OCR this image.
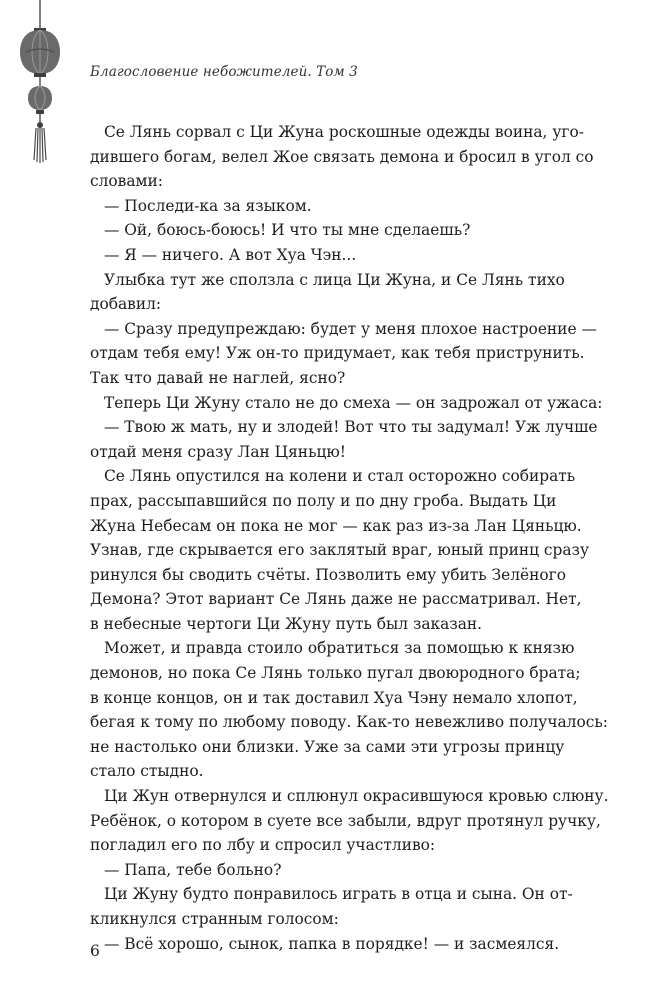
Благословение небожителей. Том 3
Се Лянь сорвал с Ци Жуна роскошные одежды воина, уго-
дившего богам, велел Жое связать демона и бросил в угол со
словами:
— Последи-ка за языком.
— Ой, боюсь-боюсь! И что ты мне сделаешь?
— Я — ничего. А вот Хуа Чэн...
Улыбка тут же сползла с лица Ци Жуна, и Се Лянь тихо
добавил:
— Сразу предупреждаю: будет у меня плохое настроение —
отдам тебя ему! Уж он-то придумает, как тебя приструнить.
Так что давай не наглей, ясно?
Теперь Ци Жуну стало не до смеха — он задрожал от ужаса:
— Твою ж мать, ну и злодей! Вот что ты задумал! Уж лучше
отдай меня сразу Лан Цяньцю!
Се Лянь опустился на колени и стал осторожно собирать
прах, рассыпавшийся по полу и по дну гроба. Выдать Ци
Жуна Небесам он пока не мог — как раз из-за Лан Цяньцю.
Узнав, где скрывается его заклятый враг, юный принц сразу
ринулся бы сводить счёты. Позволить ему убить Зелёного
Демона? Этот вариант Се Лянь даже не рассматривал. Нет,
в небесные чертоги Ци Жуну путь был заказан.
Может, и правда стоило обратиться за помощью к князю
демонов, но пока Се Лянь только пугал двоюродного брата;
в конце концов, он и так доставил Хуа Чэну немало хлопот,
бегая к тому по любому поводу. Как-то невежливо получалось:
не настолько они близки. Уже за сами эти угрозы принцу
стало стыдно.
Ци Жун отвернулся и сплюнул окрасившуюся кровью слюну.
Ребёнок, о котором в суете все забыли, вдруг протянул ручку,
погладил его по лбу и спросил участливо:
— Папа, тебе больно?
Ци Жуну будто понравилось играть в отца и сына. Он от-
кликнулся странным голосом:
— Всё хорошо, сынок, папка в порядке! — и засмеялся.
6
